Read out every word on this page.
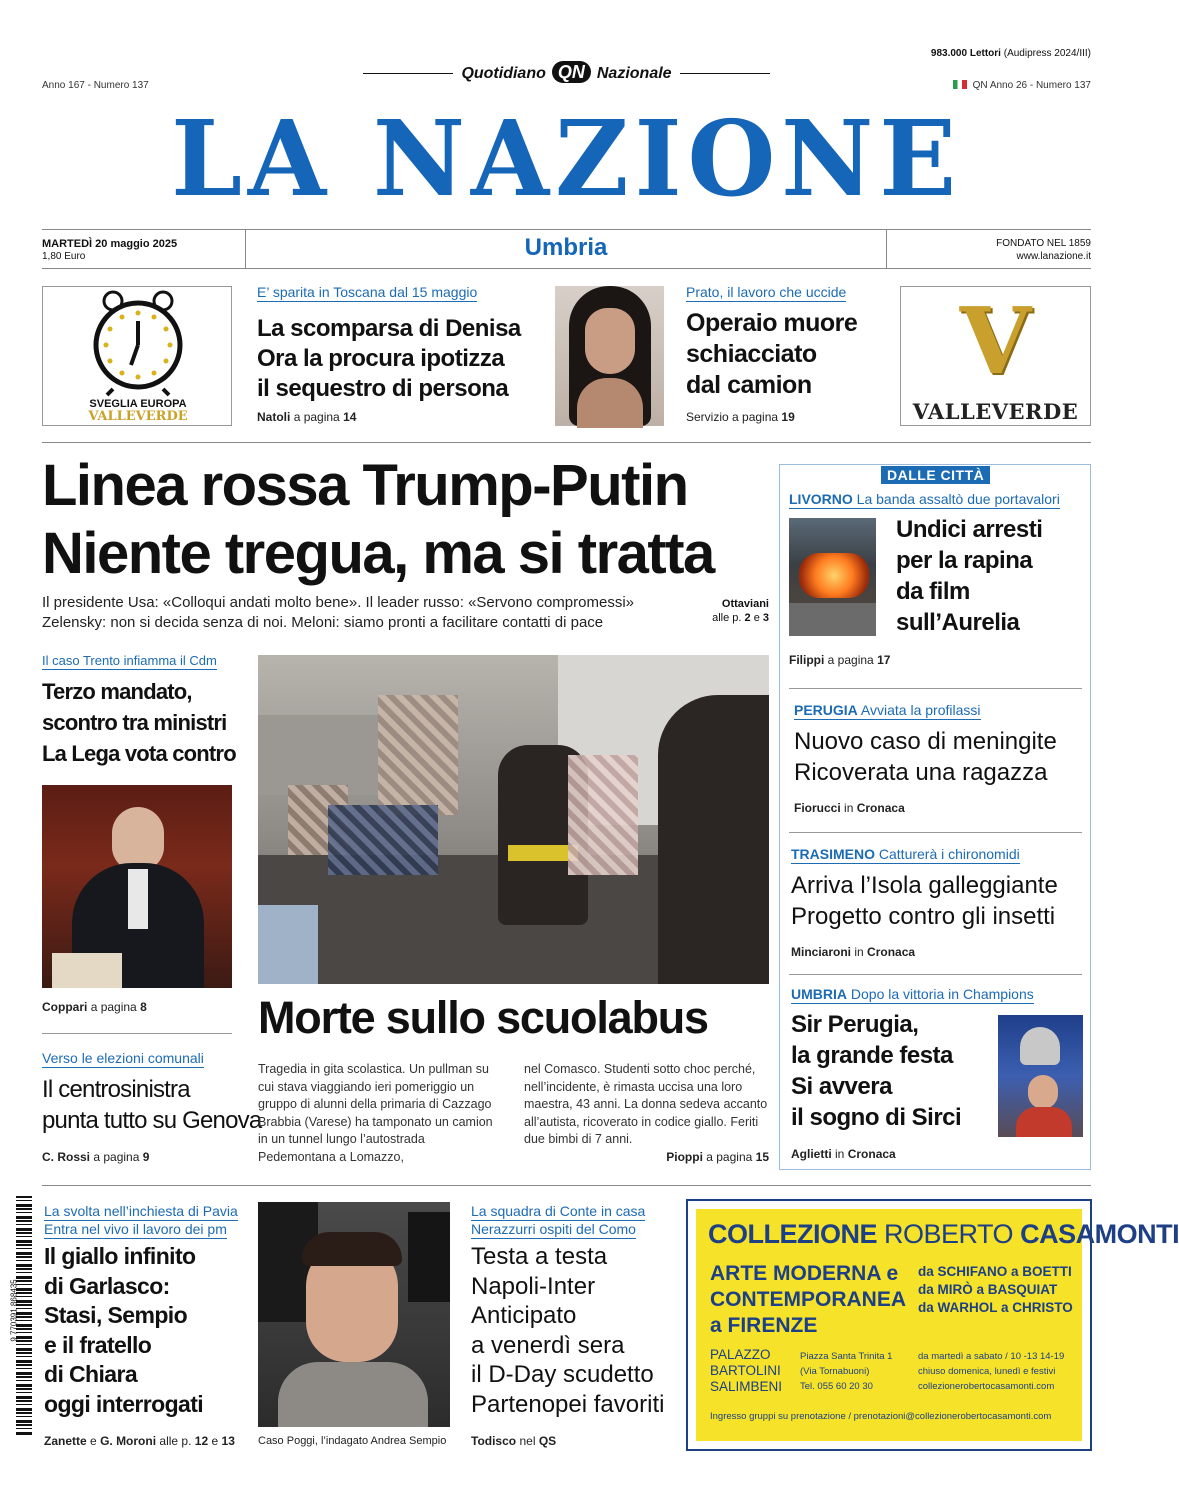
983.000 Lettori (Audipress 2024/III)
Anno 167 - Numero 137
Quotidiano QN Nazionale
QN Anno 26 - Numero 137
LA NAZIONE
MARTEDÌ 20 maggio 2025
1,80 Euro	Umbria	FONDATO NEL 1859
www.lanazione.it
SVEGLIA EUROPA
VALLEVERDE
E’ sparita in Toscana dal 15 maggio
La scomparsa di Denisa
Ora la procura ipotizza
il sequestro di persona
Natoli a pagina 14
Prato, il lavoro che uccide
Operaio muore
schiacciato
dal camion
Servizio a pagina 19
V
VALLEVERDE
Linea rossa Trump-Putin
Niente tregua, ma si tratta
Il presidente Usa: «Colloqui andati molto bene». Il leader russo: «Servono compromessi»
Zelensky: non si decida senza di noi. Meloni: siamo pronti a facilitare contatti di pace
Ottaviani
alle p. 2 e 3
Il caso Trento infiamma il Cdm
Terzo mandato,
scontro tra ministri
La Lega vota contro
Coppari a pagina 8
Verso le elezioni comunali
Il centrosinistra
punta tutto su Genova
C. Rossi a pagina 9
Morte sullo scuolabus
Tragedia in gita scolastica. Un pullman su cui stava viaggiando ieri pomeriggio un gruppo di alunni della primaria di Cazzago Brabbia (Varese) ha tamponato un camion in un tunnel lungo l’autostrada Pedemontana a Lomazzo,
nel Comasco. Studenti sotto choc perché, nell’incidente, è rimasta uccisa una loro maestra, 43 anni. La donna sedeva accanto all’autista, ricoverato in codice giallo. Feriti due bimbi di 7 anni.
Pioppi a pagina 15
DALLE CITTÀ
LIVORNO La banda assaltò due portavalori
Undici arresti
per la rapina
da film
sull’Aurelia
Filippi a pagina 17
PERUGIA Avviata la profilassi
Nuovo caso di meningite
Ricoverata una ragazza
Fiorucci in Cronaca
TRASIMENO Catturerà i chironomidi
Arriva l’Isola galleggiante
Progetto contro gli insetti
Minciaroni in Cronaca
UMBRIA Dopo la vittoria in Champions
Sir Perugia,
la grande festa
Si avvera
il sogno di Sirci
Aglietti in Cronaca
9 770391 868435
La svolta nell’inchiesta di Pavia
Entra nel vivo il lavoro dei pm
Il giallo infinito
di Garlasco:
Stasi, Sempio
e il fratello
di Chiara
oggi interrogati
Zanette e G. Moroni alle p. 12 e 13 Caso Poggi, l’indagato Andrea Sempio
La squadra di Conte in casa
Nerazzurri ospiti del Como
Testa a testa
Napoli-Inter
Anticipato
a venerdì sera
il D-Day scudetto
Partenopei favoriti
Todisco nel QS
COLLEZIONE ROBERTO CASAMONTI
ARTE MODERNA e
CONTEMPORANEA
a FIRENZE
da SCHIFANO a BOETTI
da MIRÒ a BASQUIAT
da WARHOL a CHRISTO
PALAZZO
BARTOLINI
SALIMBENI
Piazza Santa Trinita 1
(Via Tornabuoni)
Tel. 055 60 20 30
da martedì a sabato / 10 -13 14-19
chiuso domenica, lunedì e festivi
collezionerobertocasamonti.com
Ingresso gruppi su prenotazione / prenotazioni@collezionerobertocasamonti.com
